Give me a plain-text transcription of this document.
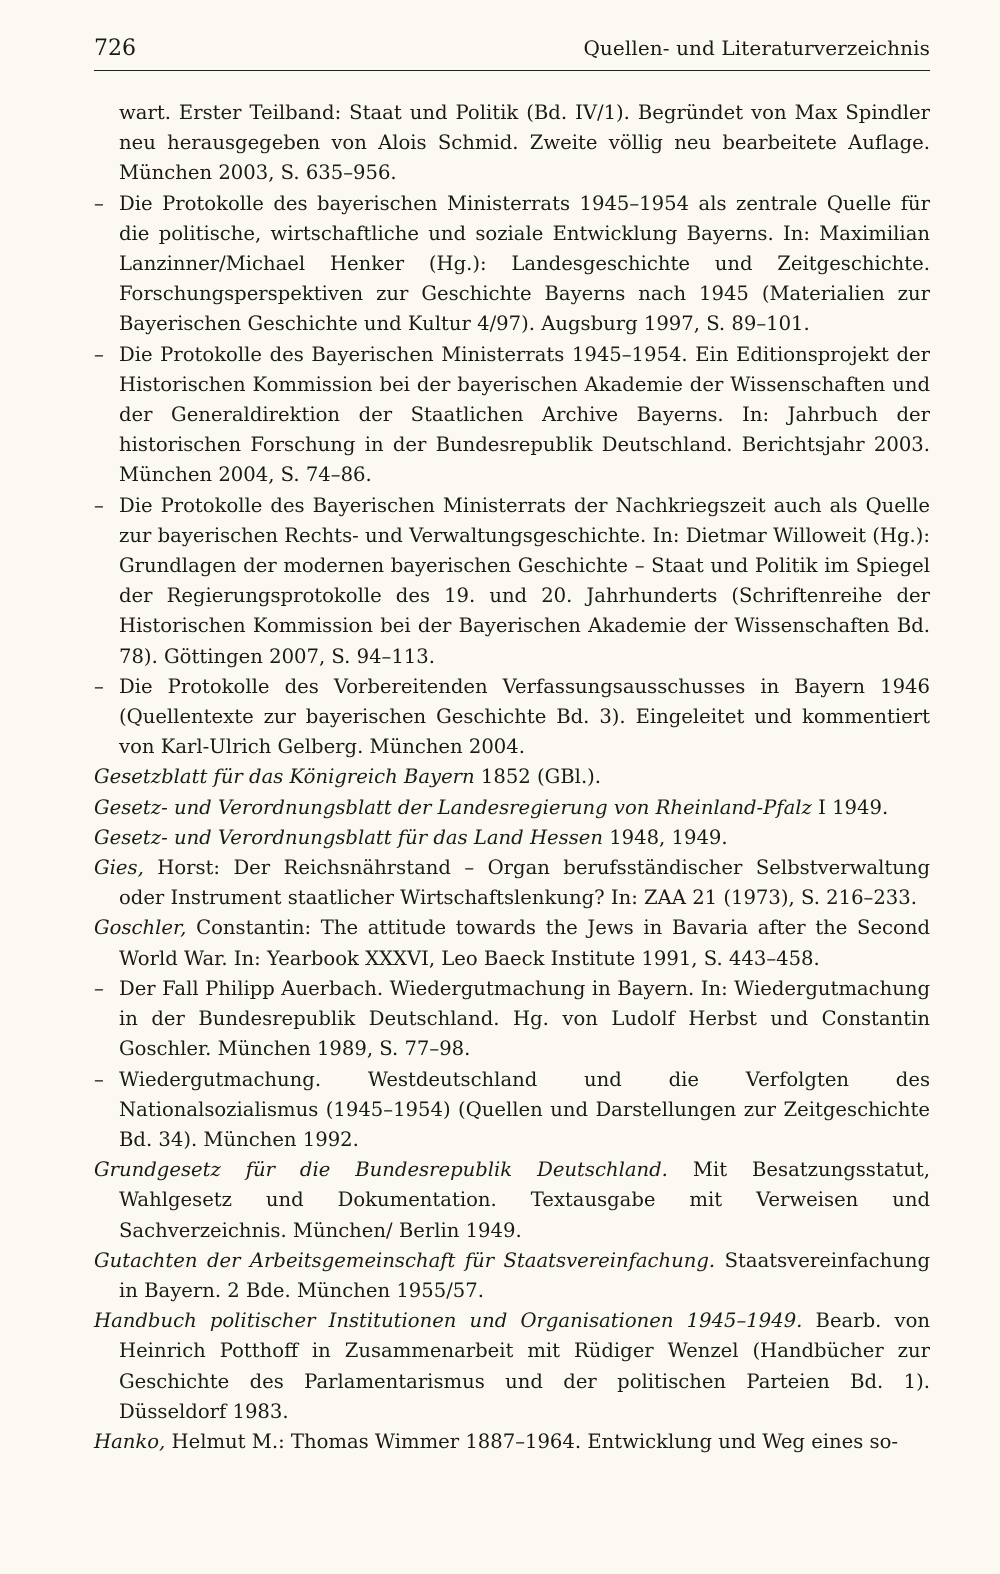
726	Quellen- und Literaturverzeichnis

wart. Erster Teilband: Staat und Politik (Bd. IV/1). Begründet von Max Spindler neu herausgegeben von Alois Schmid. Zweite völlig neu bearbeitete Auflage. München 2003, S. 635–956.

– Die Protokolle des bayerischen Ministerrats 1945–1954 als zentrale Quelle für die politische, wirtschaftliche und soziale Entwicklung Bayerns. In: Maximilian Lanzinner/Michael Henker (Hg.): Landesgeschichte und Zeitgeschichte. Forschungsperspektiven zur Geschichte Bayerns nach 1945 (Materialien zur Bayerischen Geschichte und Kultur 4/97). Augsburg 1997, S. 89–101.

– Die Protokolle des Bayerischen Ministerrats 1945–1954. Ein Editionsprojekt der Historischen Kommission bei der bayerischen Akademie der Wissenschaften und der Generaldirektion der Staatlichen Archive Bayerns. In: Jahrbuch der historischen Forschung in der Bundesrepublik Deutschland. Berichtsjahr 2003. München 2004, S. 74–86.

– Die Protokolle des Bayerischen Ministerrats der Nachkriegszeit auch als Quelle zur bayerischen Rechts- und Verwaltungsgeschichte. In: Dietmar Willoweit (Hg.): Grundlagen der modernen bayerischen Geschichte – Staat und Politik im Spiegel der Regierungsprotokolle des 19. und 20. Jahrhunderts (Schriftenreihe der Historischen Kommission bei der Bayerischen Akademie der Wissenschaften Bd. 78). Göttingen 2007, S. 94–113.

– Die Protokolle des Vorbereitenden Verfassungsausschusses in Bayern 1946 (Quellentexte zur bayerischen Geschichte Bd. 3). Eingeleitet und kommentiert von Karl-Ulrich Gelberg. München 2004.

Gesetzblatt für das Königreich Bayern 1852 (GBl.).

Gesetz- und Verordnungsblatt der Landesregierung von Rheinland-Pfalz I 1949.

Gesetz- und Verordnungsblatt für das Land Hessen 1948, 1949.

Gies, Horst: Der Reichsnährstand – Organ berufsständischer Selbstverwaltung oder Instrument staatlicher Wirtschaftslenkung? In: ZAA 21 (1973), S. 216–233.

Goschler, Constantin: The attitude towards the Jews in Bavaria after the Second World War. In: Yearbook XXXVI, Leo Baeck Institute 1991, S. 443–458.

– Der Fall Philipp Auerbach. Wiedergutmachung in Bayern. In: Wiedergutmachung in der Bundesrepublik Deutschland. Hg. von Ludolf Herbst und Constantin Goschler. München 1989, S. 77–98.

– Wiedergutmachung. Westdeutschland und die Verfolgten des Nationalsozialismus (1945–1954) (Quellen und Darstellungen zur Zeitgeschichte Bd. 34). München 1992.

Grundgesetz für die Bundesrepublik Deutschland. Mit Besatzungsstatut, Wahlgesetz und Dokumentation. Textausgabe mit Verweisen und Sachverzeichnis. München/ Berlin 1949.

Gutachten der Arbeitsgemeinschaft für Staatsvereinfachung. Staatsvereinfachung in Bayern. 2 Bde. München 1955/57.

Handbuch politischer Institutionen und Organisationen 1945–1949. Bearb. von Heinrich Potthoff in Zusammenarbeit mit Rüdiger Wenzel (Handbücher zur Geschichte des Parlamentarismus und der politischen Parteien Bd. 1). Düsseldorf 1983.

Hanko, Helmut M.: Thomas Wimmer 1887–1964. Entwicklung und Weg eines so-
